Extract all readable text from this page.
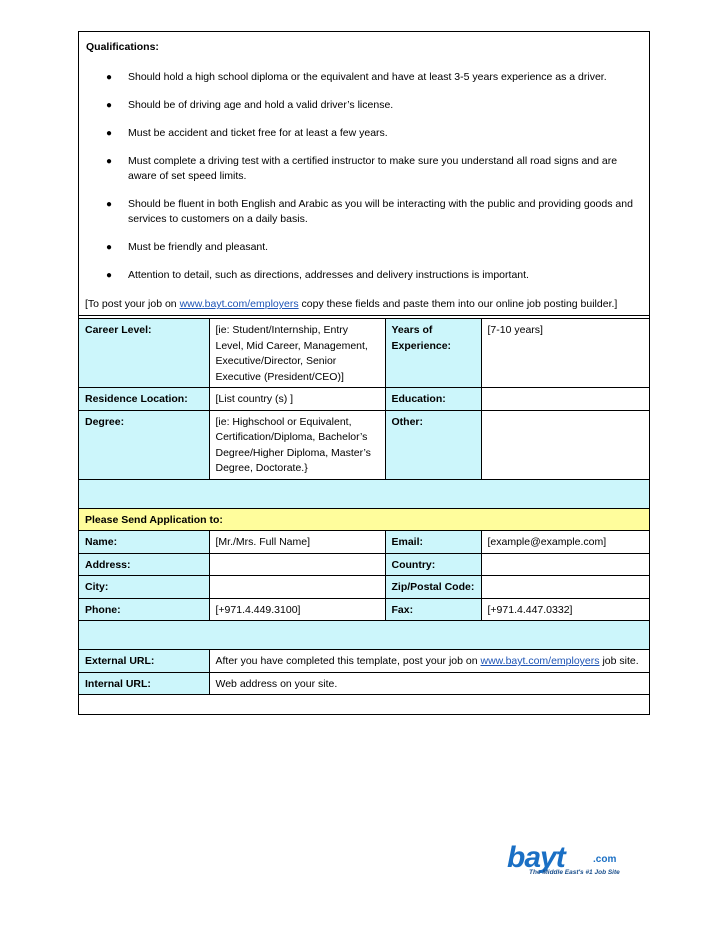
Qualifications:
● Should hold a high school diploma or the equivalent and have at least 3-5 years experience as a driver.
● Should be of driving age and hold a valid driver’s license.
● Must be accident and ticket free for at least a few years.
● Must complete a driving test with a certified instructor to make sure you understand all road signs and are aware of set speed limits.
● Should be fluent in both English and Arabic as you will be interacting with the public and providing goods and services to customers on a daily basis.
● Must be friendly and pleasant.
● Attention to detail, such as directions, addresses and delivery instructions is important.
[To post your job on www.bayt.com/employers copy these fields and paste them into our online job posting builder.]
Career Level:	[ie: Student/Internship, Entry Level, Mid Career, Management, Executive/Director, Senior Executive (President/CEO)]	Years of Experience:	[7-10 years]
Residence Location:	[List country (s) ]	Education:	
Degree:	[ie: Highschool or Equivalent, Certification/Diploma, Bachelor’s Degree/Higher Diploma, Master’s Degree, Doctorate.}	Other:	

Please Send Application to:			
Name:	[Mr./Mrs. Full Name]	Email:	[example@example.com]
Address:		Country:	
City:		Zip/Postal Code:	
Phone:	[+971.4.449.3100]	Fax:	[+971.4.447.0332]

External URL:	After you have completed this template, post your job on www.bayt.com/employers job site.		
Internal URL:	Web address on your site.		
bayt	.com
The Middle East's #1 Job Site
